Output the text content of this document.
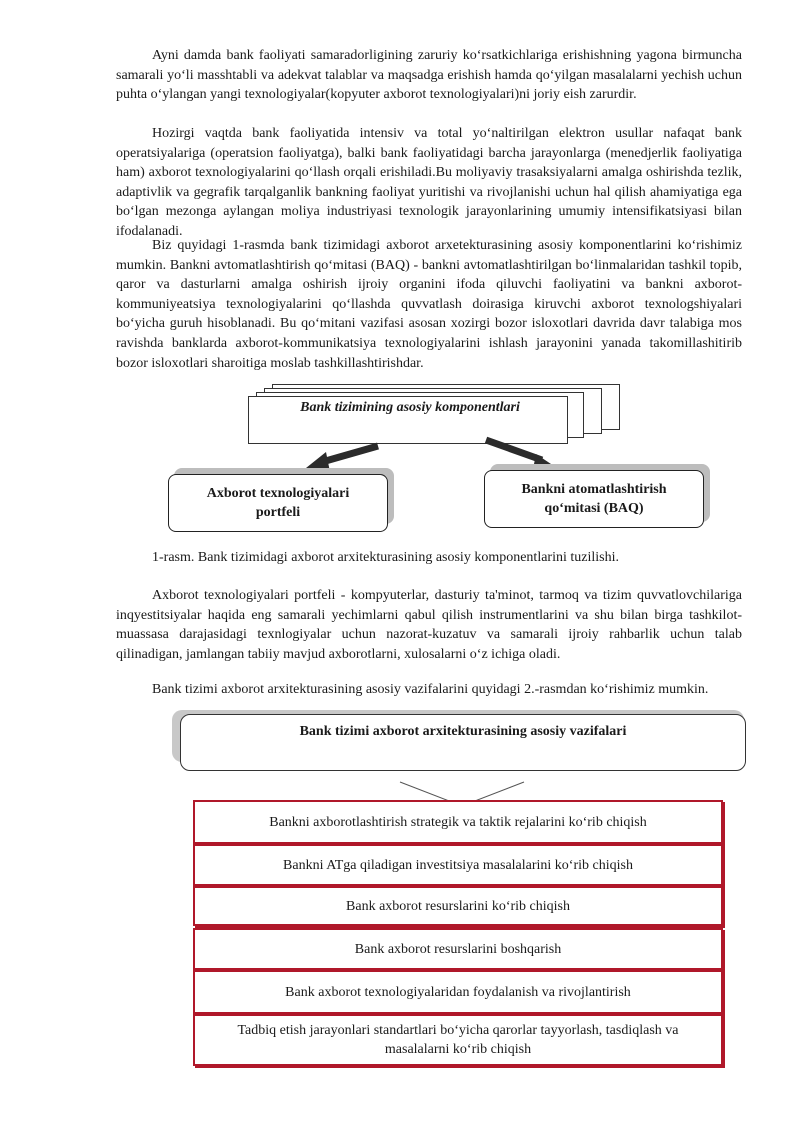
Ayni damda bank faoliyati samaradorligining zaruriy ko‘rsatkichlariga erishishning yagona birmuncha samarali yo‘li masshtabli va adekvat talablar va maqsadga erishish hamda qo‘yilgan masalalarni yechish uchun puhta o‘ylangan yangi texnologiyalar(kopyuter axborot texnologiyalari)ni joriy eish zarurdir.

Hozirgi vaqtda bank faoliyatida intensiv va total yo‘naltirilgan elektron usullar nafaqat bank operatsiyalariga (operatsion faoliyatga), balki bank faoliyatidagi barcha jarayonlarga (menedjerlik faoliyatiga ham) axborot texnologiyalarini qo‘llash orqali erishiladi.Bu moliyaviy trasaksiyalarni amalga oshirishda tezlik, adaptivlik va gegrafik tarqalganlik bankning faoliyat yuritishi va rivojlanishi uchun hal qilish ahamiyatiga ega bo‘lgan mezonga aylangan moliya industriyasi texnologik jarayonlarining umumiy intensifikatsiyasi bilan ifodalanadi.

Biz quyidagi 1-rasmda bank tizimidagi axborot arxetekturasining asosiy komponentlarini ko‘rishimiz mumkin. Bankni avtomatlashtirish qo‘mitasi (BAQ) - bankni avtomatlashtirilgan bo‘linmalaridan tashkil topib, qaror va dasturlarni amalga oshirish ijroiy organini ifoda qiluvchi faoliyatini va bankni axborot-kommuniyeatsiya texnologiyalarini qo‘llashda quvvatlash doirasiga kiruvchi axborot texnologshiyalari bo‘yicha guruh hisoblanadi. Bu qo‘mitani vazifasi asosan xozirgi bozor isloxotlari davrida davr talabiga mos ravishda banklarda axborot-kommunikatsiya texnologiyalarini ishlash jarayonini yanada takomillashitirib bozor isloxotlari sharoitiga moslab tashkillashtirishdar.

Bank tizimining asosiy komponentlari
Axborot texnologiyalari portfeli
Bankni atomatlashtirish qo‘mitasi (BAQ)

1-rasm. Bank tizimidagi axborot arxitekturasining asosiy komponentlarini tuzilishi.

Axborot texnologiyalari portfeli - kompyuterlar, dasturiy ta'minot, tarmoq va tizim quvvatlovchilariga inqyestitsiyalar haqida eng samarali yechimlarni qabul qilish instrumentlarini va shu bilan birga tashkilot-muassasa darajasidagi texnlogiyalar uchun nazorat-kuzatuv va samarali ijroiy rahbarlik uchun talab qilinadigan, jamlangan tabiiy mavjud axborotlarni, xulosalarni o‘z ichiga oladi.

Bank tizimi axborot arxitekturasining asosiy vazifalarini quyidagi 2.-rasmdan ko‘rishimiz mumkin.

Bank tizimi axborot arxitekturasining asosiy vazifalari
Bankni axborotlashtirish strategik va taktik rejalarini ko‘rib chiqish
Bankni ATga qiladigan investitsiya masalalarini ko‘rib chiqish
Bank axborot resurslarini ko‘rib chiqish
Bank axborot resurslarini boshqarish
Bank axborot texnologiyalaridan foydalanish va rivojlantirish
Tadbiq etish jarayonlari standartlari bo‘yicha qarorlar tayyorlash, tasdiqlash va masalalarni ko‘rib chiqish
